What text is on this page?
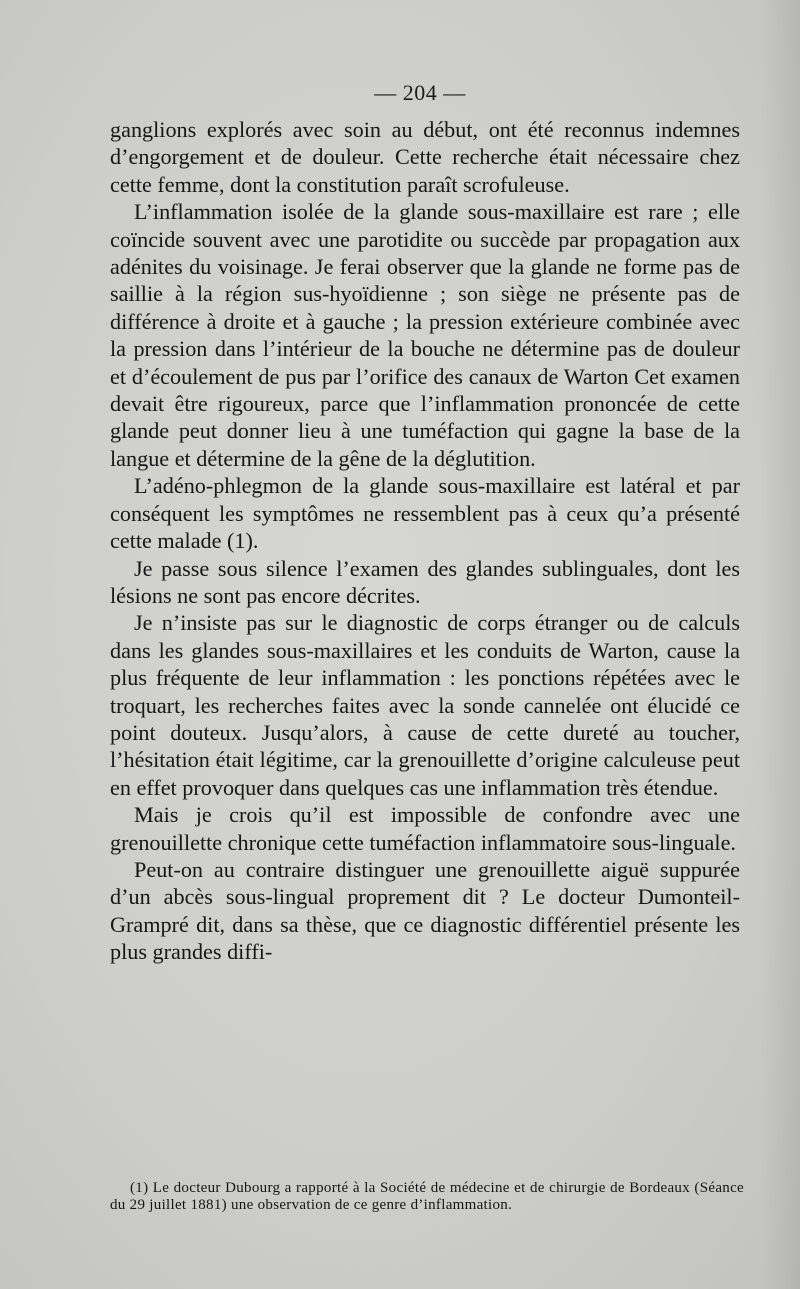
— 204 —

ganglions explorés avec soin au début, ont été reconnus indemnes d’engorgement et de douleur. Cette recherche était nécessaire chez cette femme, dont la constitution paraît scrofuleuse.

L’inflammation isolée de la glande sous-maxillaire est rare ; elle coïncide souvent avec une parotidite ou succède par propagation aux adénites du voisinage. Je ferai observer que la glande ne forme pas de saillie à la région sus-hyoïdienne ; son siège ne présente pas de différence à droite et à gauche ; la pression extérieure combinée avec la pression dans l’intérieur de la bouche ne détermine pas de douleur et d’écoulement de pus par l’orifice des canaux de Warton Cet examen devait être rigoureux, parce que l’inflammation prononcée de cette glande peut donner lieu à une tuméfaction qui gagne la base de la langue et détermine de la gêne de la déglutition.

L’adéno-phlegmon de la glande sous-maxillaire est latéral et par conséquent les symptômes ne ressemblent pas à ceux qu’a présenté cette malade (1).

Je passe sous silence l’examen des glandes sublinguales, dont les lésions ne sont pas encore décrites.

Je n’insiste pas sur le diagnostic de corps étranger ou de calculs dans les glandes sous-maxillaires et les conduits de Warton, cause la plus fréquente de leur inflammation : les ponctions répétées avec le troquart, les recherches faites avec la sonde cannelée ont élucidé ce point douteux. Jusqu’alors, à cause de cette dureté au toucher, l’hésitation était légitime, car la grenouillette d’origine calculeuse peut en effet provoquer dans quelques cas une inflammation très étendue.

Mais je crois qu’il est impossible de confondre avec une grenouillette chronique cette tuméfaction inflammatoire sous-linguale.

Peut-on au contraire distinguer une grenouillette aiguë suppurée d’un abcès sous-lingual proprement dit ? Le docteur Dumonteil-Grampré dit, dans sa thèse, que ce diagnostic différentiel présente les plus grandes diffi-

(1) Le docteur Dubourg a rapporté à la Société de médecine et de chirurgie de Bordeaux (Séance du 29 juillet 1881) une observation de ce genre d’inflammation.
